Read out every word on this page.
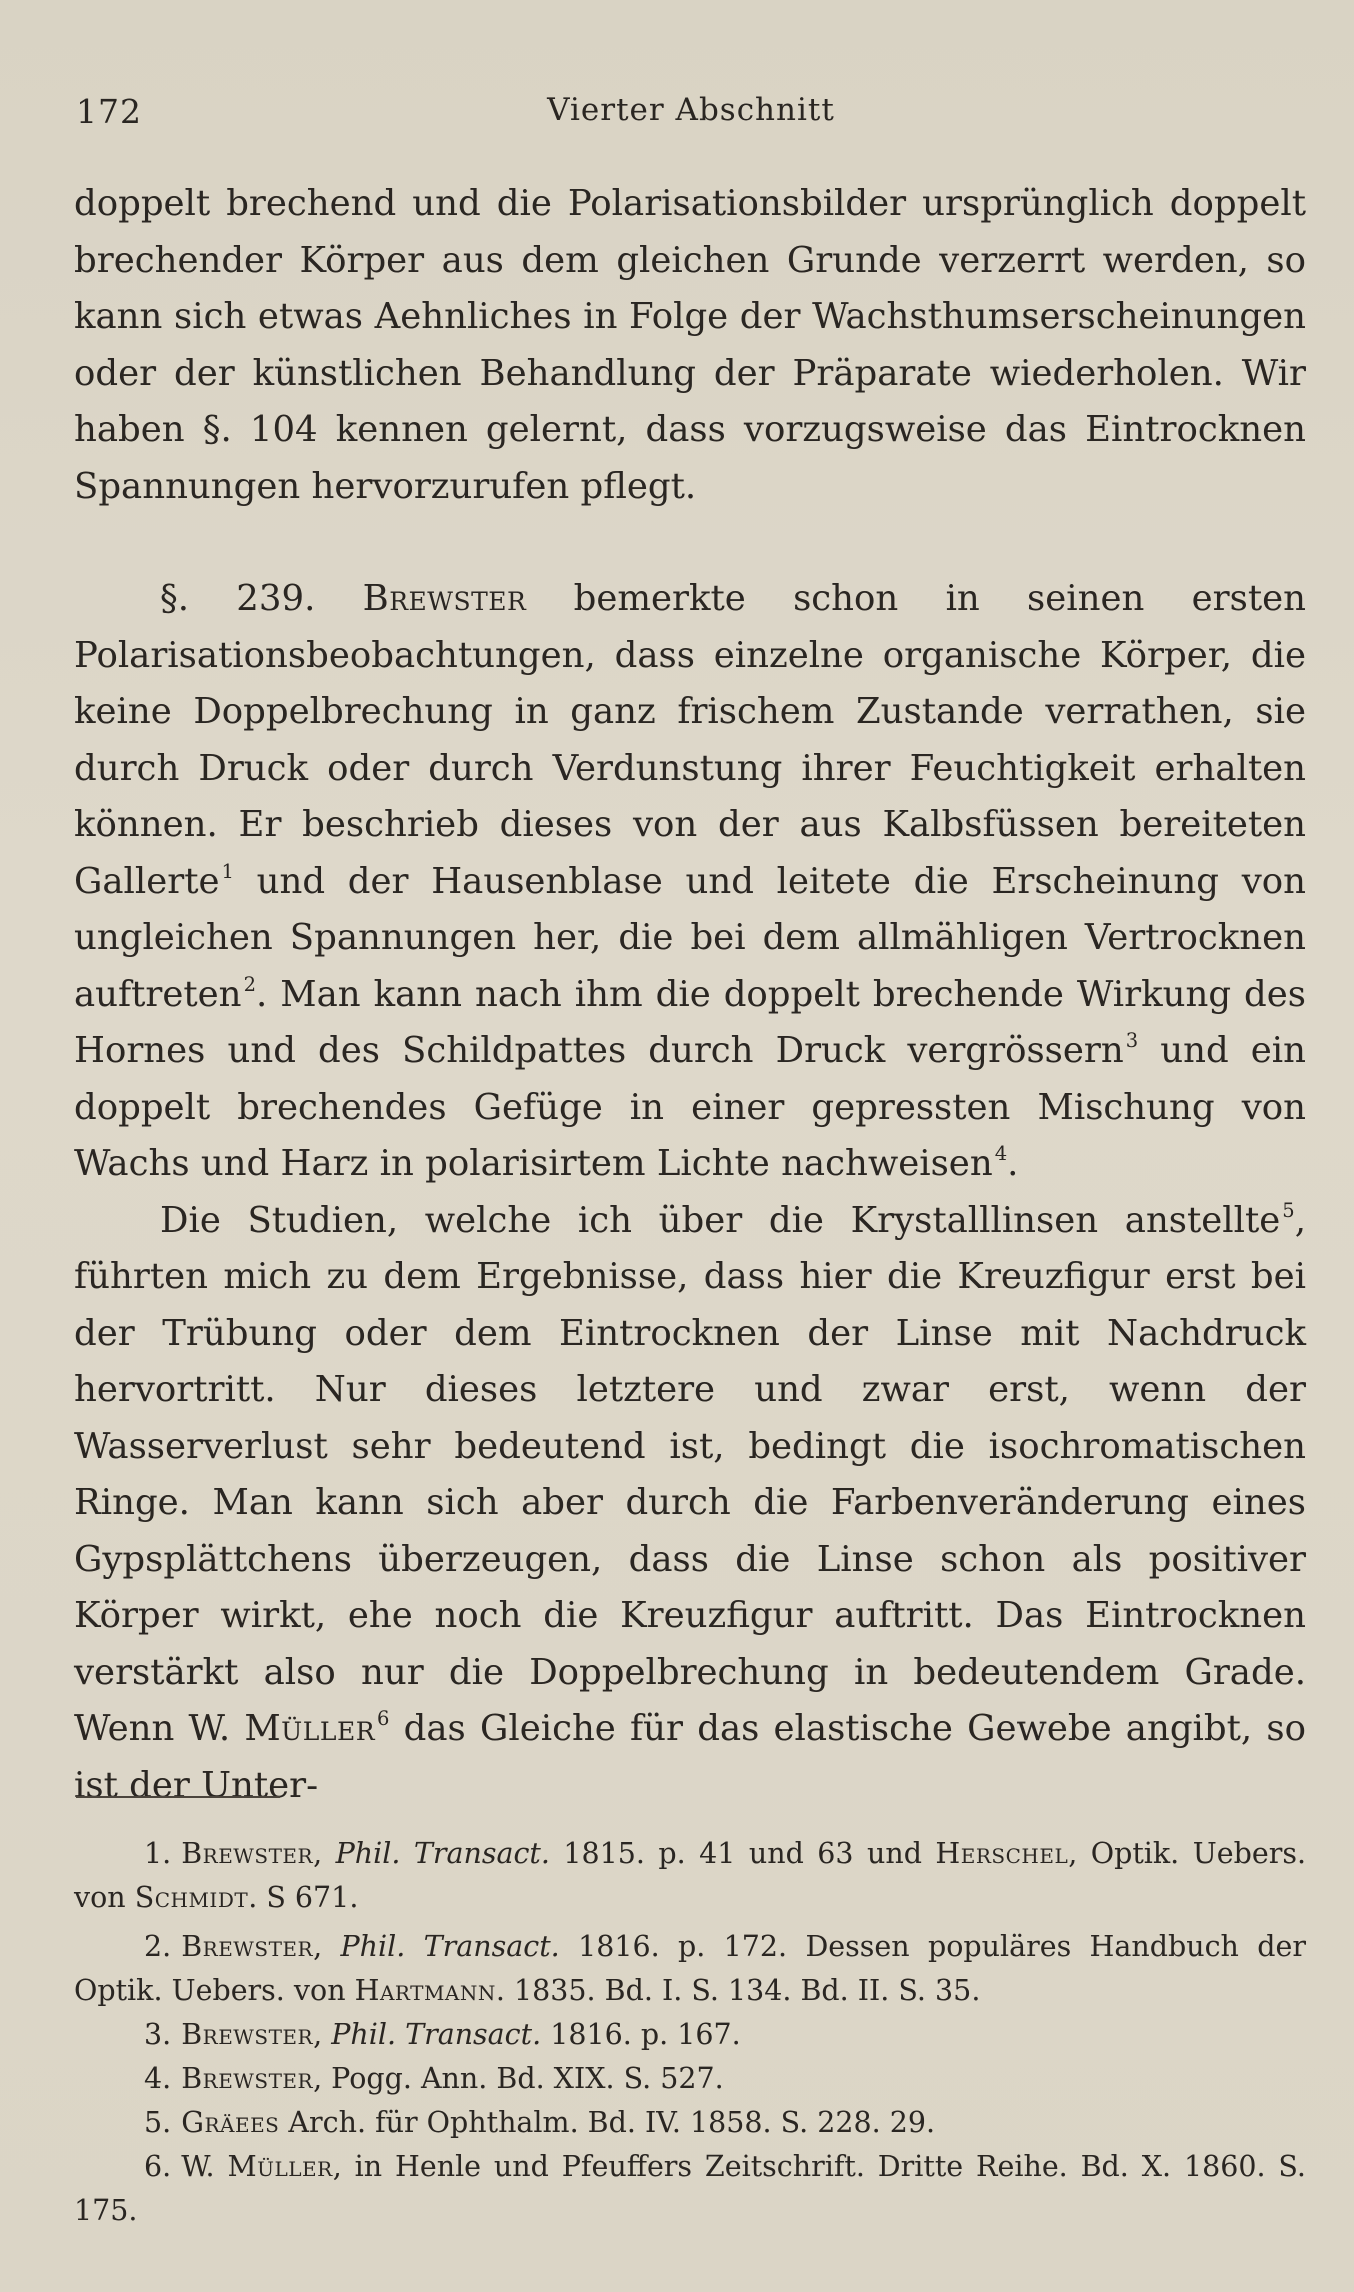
172	Vierter Abschnitt

doppelt brechend und die Polarisationsbilder ursprünglich doppelt brechender Körper aus dem gleichen Grunde verzerrt werden, so kann sich etwas Aehnliches in Folge der Wachsthumserscheinungen oder der künstlichen Behandlung der Präparate wiederholen. Wir haben §. 104 kennen gelernt, dass vorzugsweise das Eintrocknen Spannungen hervorzurufen pflegt.

§. 239. Brewster bemerkte schon in seinen ersten Polarisationsbeobachtungen, dass einzelne organische Körper, die keine Doppelbrechung in ganz frischem Zustande verrathen, sie durch Druck oder durch Verdunstung ihrer Feuchtigkeit erhalten können. Er beschrieb dieses von der aus Kalbsfüssen bereiteten Gallerte $^1$ und der Hausenblase und leitete die Erscheinung von ungleichen Spannungen her, die bei dem allmähligen Vertrocknen auftreten $^2$. Man kann nach ihm die doppelt brechende Wirkung des Hornes und des Schildpattes durch Druck vergrössern $^3$ und ein doppelt brechendes Gefüge in einer gepressten Mischung von Wachs und Harz in polarisirtem Lichte nachweisen $^4$.

Die Studien, welche ich über die Krystalllinsen anstellte $^5$, führten mich zu dem Ergebnisse, dass hier die Kreuzfigur erst bei der Trübung oder dem Eintrocknen der Linse mit Nachdruck hervortritt. Nur dieses letztere und zwar erst, wenn der Wasserverlust sehr bedeutend ist, bedingt die isochromatischen Ringe. Man kann sich aber durch die Farbenveränderung eines Gypsplättchens überzeugen, dass die Linse schon als positiver Körper wirkt, ehe noch die Kreuzfigur auftritt. Das Eintrocknen verstärkt also nur die Doppelbrechung in bedeutendem Grade. Wenn W. Müller $^6$ das Gleiche für das elastische Gewebe angibt, so ist der Unter-

1. Brewster, Phil. Transact. 1815. p. 41 und 63 und Herschel, Optik. Uebers. von Schmidt. S 671.

2. Brewster, Phil. Transact. 1816. p. 172. Dessen populäres Handbuch der Optik. Uebers. von Hartmann. 1835. Bd. I. S. 134. Bd. II. S. 35.

3. Brewster, Phil. Transact. 1816. p. 167.

4. Brewster, Pogg. Ann. Bd. XIX. S. 527.

5. Gräees Arch. für Ophthalm. Bd. IV. 1858. S. 228. 29.

6. W. Müller, in Henle und Pfeuffers Zeitschrift. Dritte Reihe. Bd. X. 1860. S. 175.
